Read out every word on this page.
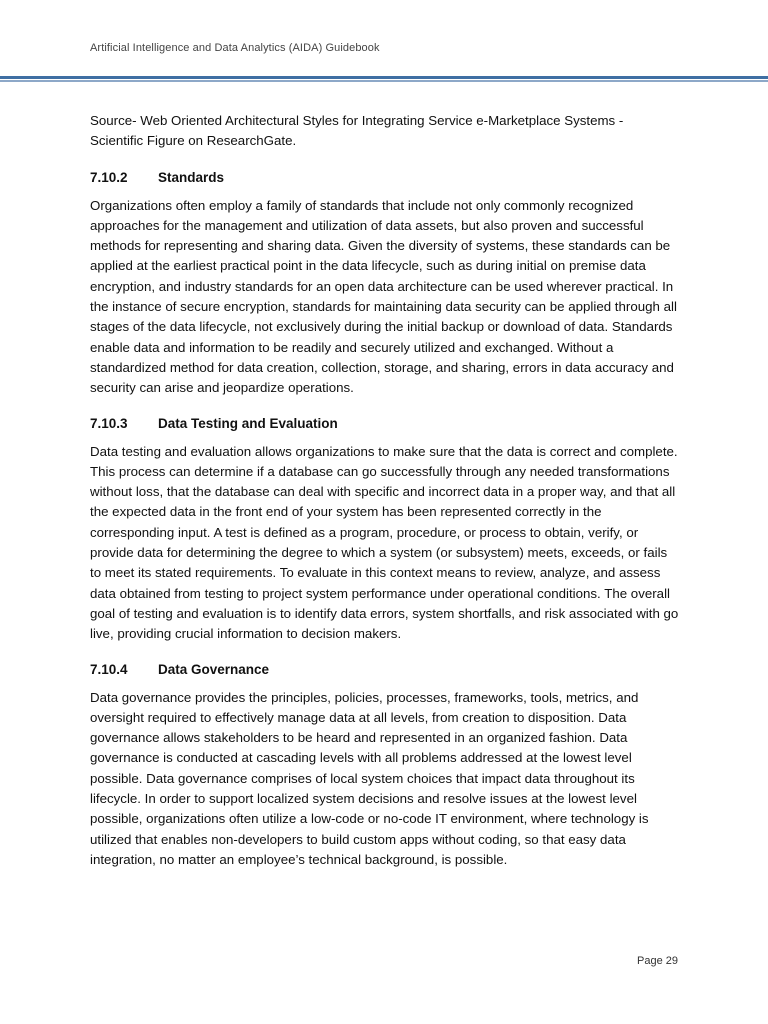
Artificial Intelligence and Data Analytics (AIDA) Guidebook

Source- Web Oriented Architectural Styles for Integrating Service e-Marketplace Systems - Scientific Figure on ResearchGate.

7.10.2	Standards

Organizations often employ a family of standards that include not only commonly recognized approaches for the management and utilization of data assets, but also proven and successful methods for representing and sharing data. Given the diversity of systems, these standards can be applied at the earliest practical point in the data lifecycle, such as during initial on premise data encryption, and industry standards for an open data architecture can be used wherever practical. In the instance of secure encryption, standards for maintaining data security can be applied through all stages of the data lifecycle, not exclusively during the initial backup or download of data. Standards enable data and information to be readily and securely utilized and exchanged. Without a standardized method for data creation, collection, storage, and sharing, errors in data accuracy and security can arise and jeopardize operations.

7.10.3	Data Testing and Evaluation

Data testing and evaluation allows organizations to make sure that the data is correct and complete. This process can determine if a database can go successfully through any needed transformations without loss, that the database can deal with specific and incorrect data in a proper way, and that all the expected data in the front end of your system has been represented correctly in the corresponding input. A test is defined as a program, procedure, or process to obtain, verify, or provide data for determining the degree to which a system (or subsystem) meets, exceeds, or fails to meet its stated requirements. To evaluate in this context means to review, analyze, and assess data obtained from testing to project system performance under operational conditions. The overall goal of testing and evaluation is to identify data errors, system shortfalls, and risk associated with go live, providing crucial information to decision makers.

7.10.4	Data Governance

Data governance provides the principles, policies, processes, frameworks, tools, metrics, and oversight required to effectively manage data at all levels, from creation to disposition. Data governance allows stakeholders to be heard and represented in an organized fashion. Data governance is conducted at cascading levels with all problems addressed at the lowest level possible. Data governance comprises of local system choices that impact data throughout its lifecycle. In order to support localized system decisions and resolve issues at the lowest level possible, organizations often utilize a low-code or no-code IT environment, where technology is utilized that enables non-developers to build custom apps without coding, so that easy data integration, no matter an employee’s technical background, is possible.

Page 29
